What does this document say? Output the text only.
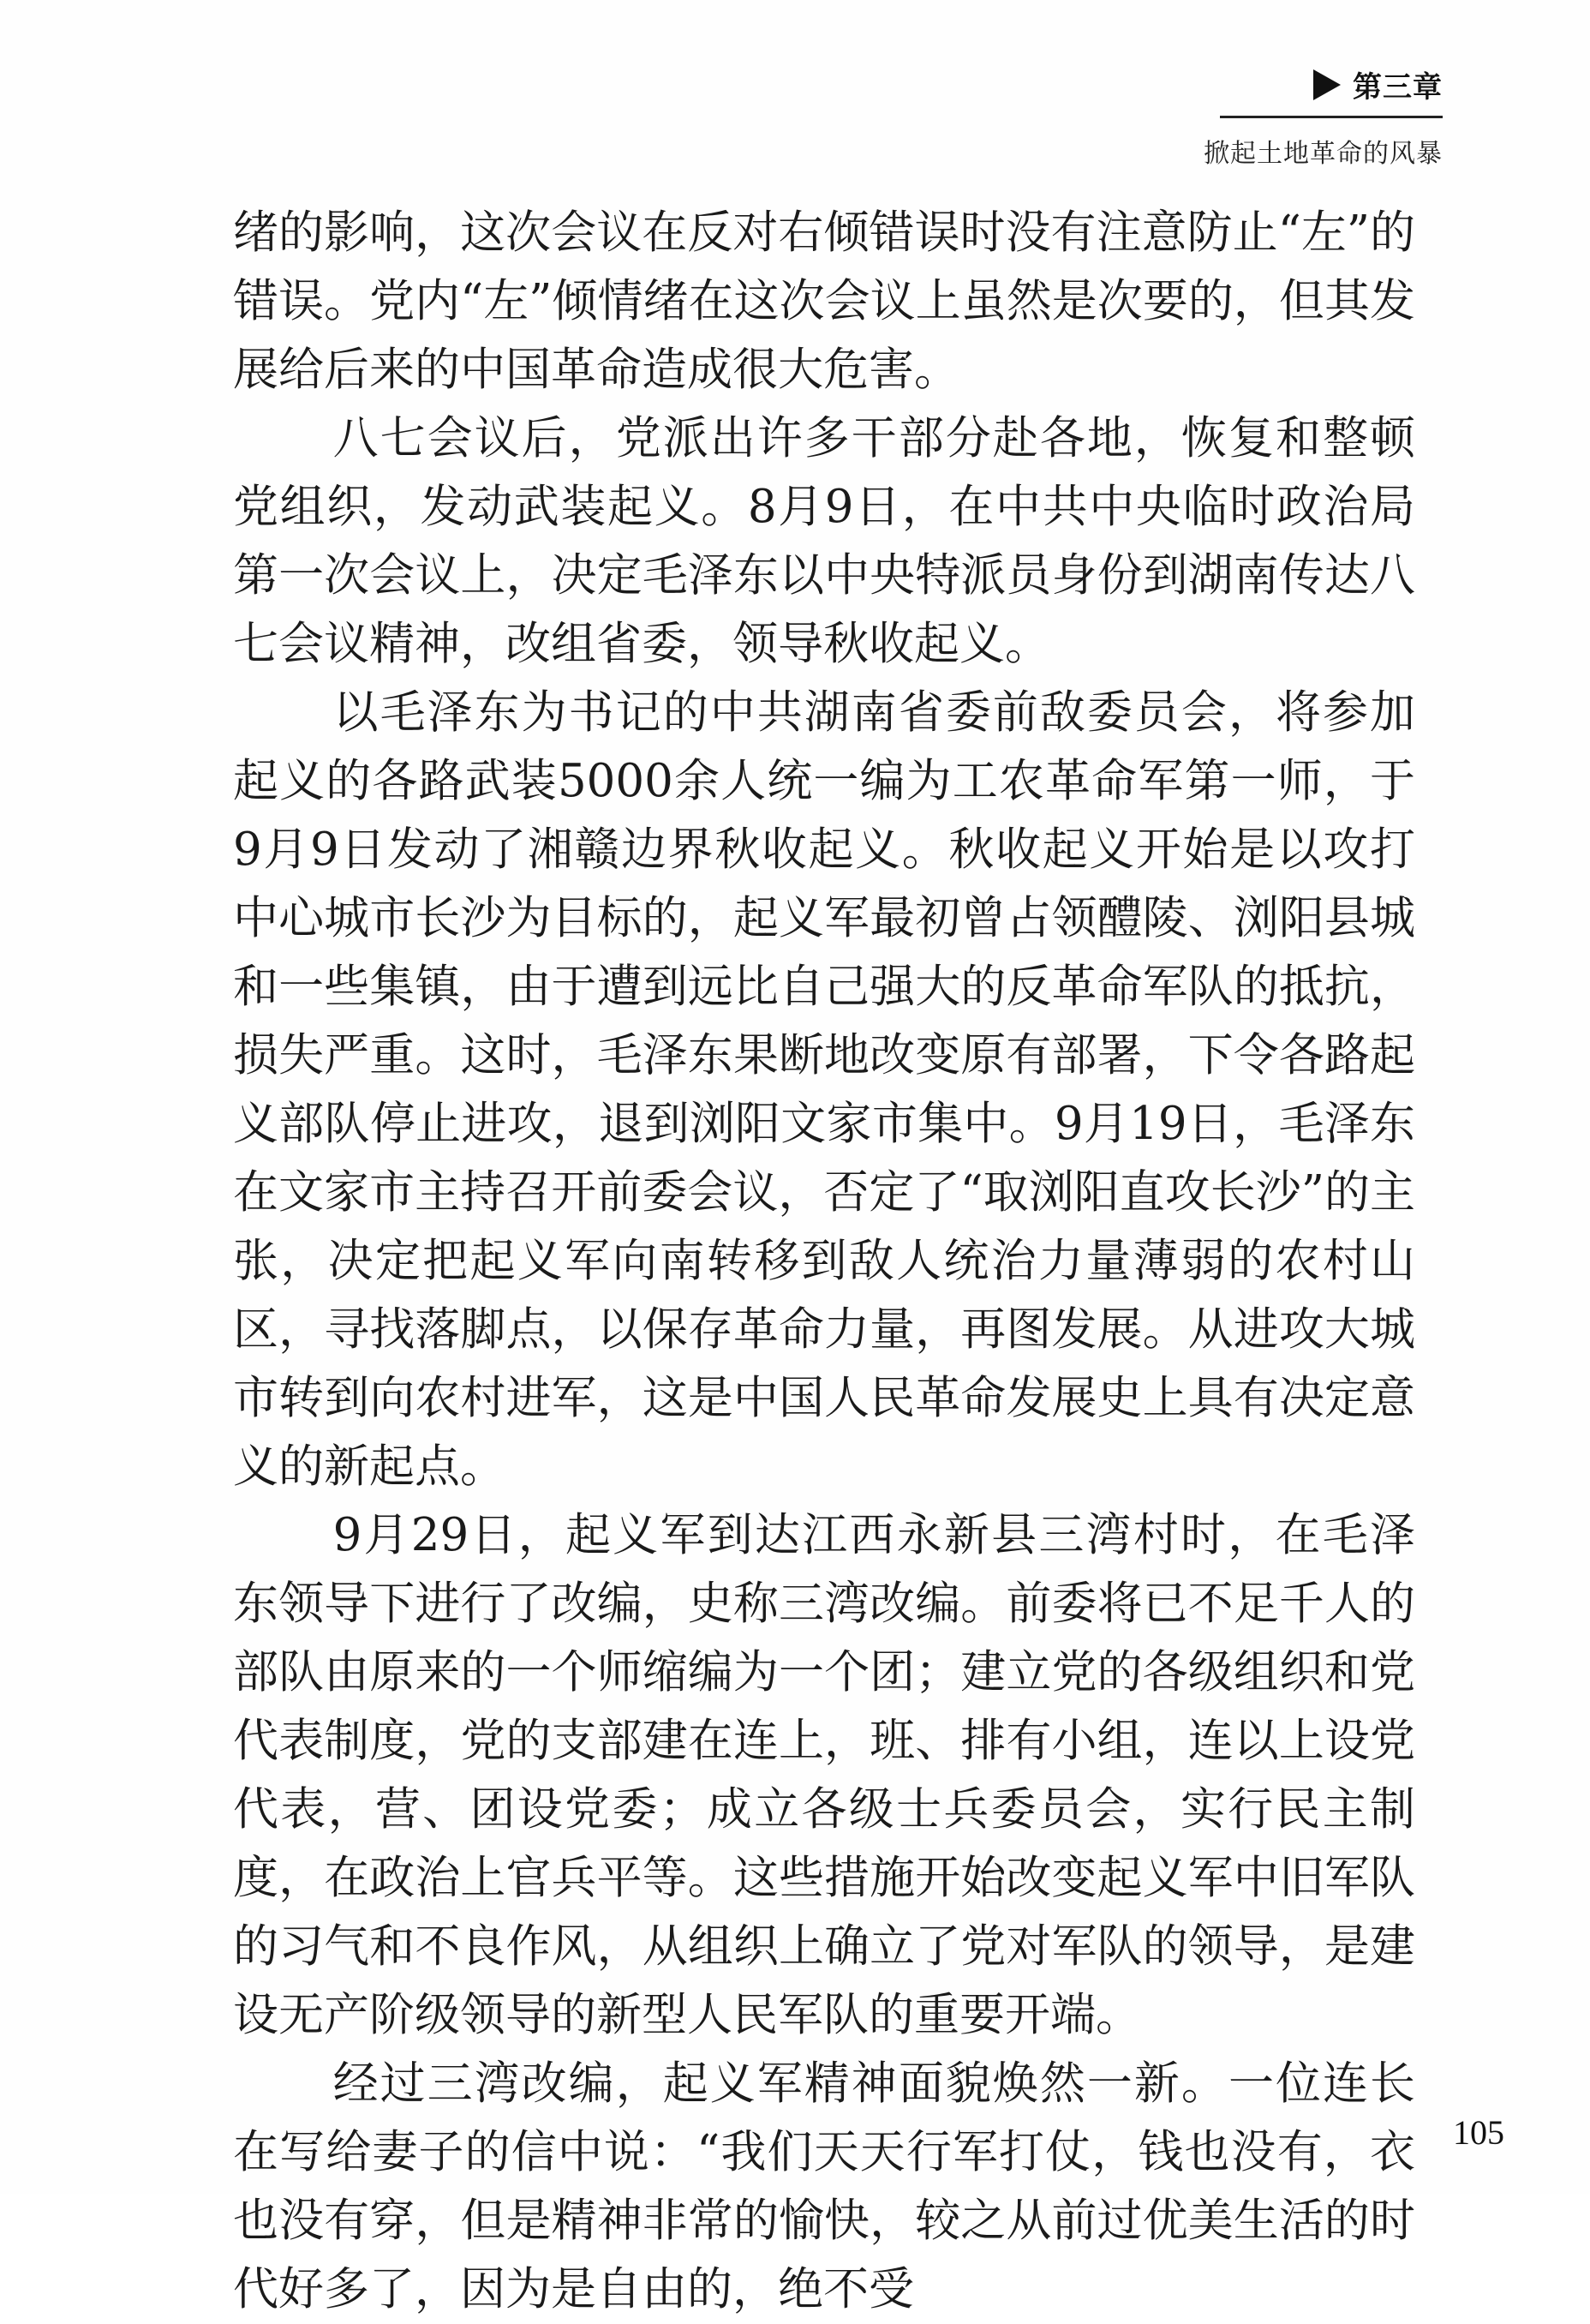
第三章
掀起土地革命的风暴

绪的影响，这次会议在反对右倾错误时没有注意防止“左”的错误。党内“左”倾情绪在这次会议上虽然是次要的，但其发展给后来的中国革命造成很大危害。

八七会议后，党派出许多干部分赴各地，恢复和整顿党组织，发动武装起义。8月9日，在中共中央临时政治局第一次会议上，决定毛泽东以中央特派员身份到湖南传达八七会议精神，改组省委，领导秋收起义。

以毛泽东为书记的中共湖南省委前敌委员会，将参加起义的各路武装5000余人统一编为工农革命军第一师，于9月9日发动了湘赣边界秋收起义。秋收起义开始是以攻打中心城市长沙为目标的，起义军最初曾占领醴陵、浏阳县城和一些集镇，由于遭到远比自己强大的反革命军队的抵抗，损失严重。这时，毛泽东果断地改变原有部署，下令各路起义部队停止进攻，退到浏阳文家市集中。9月19日，毛泽东在文家市主持召开前委会议，否定了“取浏阳直攻长沙”的主张，决定把起义军向南转移到敌人统治力量薄弱的农村山区，寻找落脚点，以保存革命力量，再图发展。从进攻大城市转到向农村进军，这是中国人民革命发展史上具有决定意义的新起点。

9月29日，起义军到达江西永新县三湾村时，在毛泽东领导下进行了改编，史称三湾改编。前委将已不足千人的部队由原来的一个师缩编为一个团；建立党的各级组织和党代表制度，党的支部建在连上，班、排有小组，连以上设党代表，营、团设党委；成立各级士兵委员会，实行民主制度，在政治上官兵平等。这些措施开始改变起义军中旧军队的习气和不良作风，从组织上确立了党对军队的领导，是建设无产阶级领导的新型人民军队的重要开端。

经过三湾改编，起义军精神面貌焕然一新。一位连长在写给妻子的信中说：“我们天天行军打仗，钱也没有，衣也没有穿，但是精神非常的愉快，较之从前过优美生活的时代好多了，因为是自由的，绝不受

105
